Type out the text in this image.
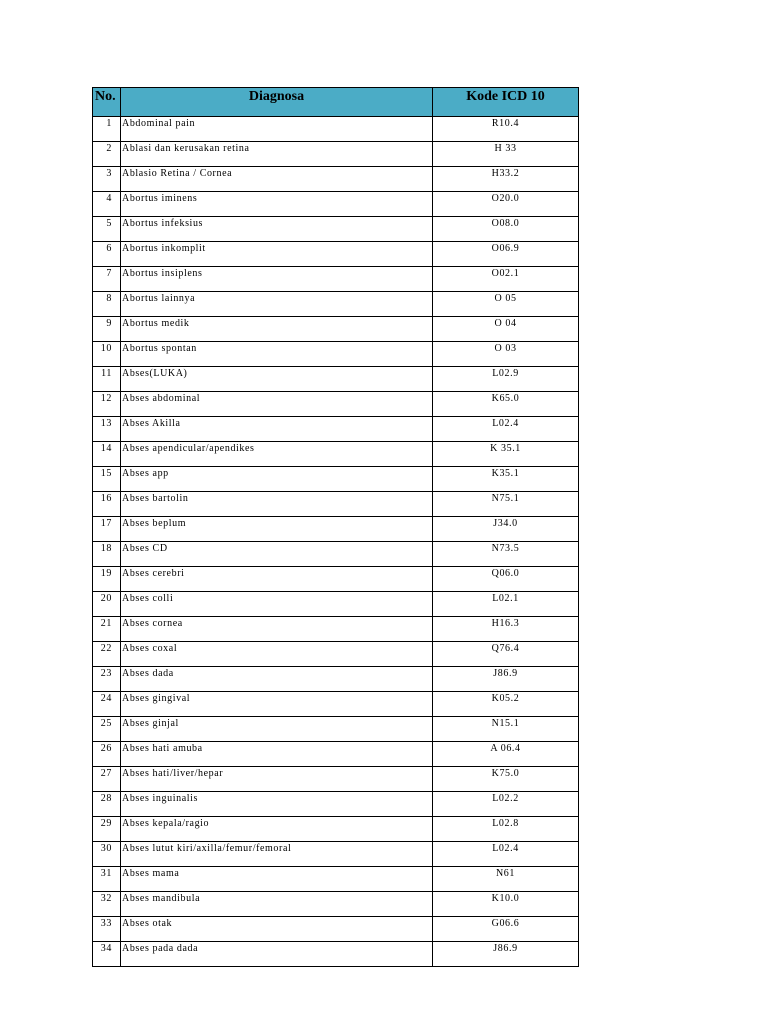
No.	Diagnosa	Kode ICD 10
1	Abdominal pain	R10.4
2	Ablasi dan kerusakan retina	H 33
3	Ablasio Retina / Cornea	H33.2
4	Abortus iminens	O20.0
5	Abortus infeksius	O08.0
6	Abortus inkomplit	O06.9
7	Abortus insiplens	O02.1
8	Abortus lainnya	O 05
9	Abortus medik	O 04
10	Abortus spontan	O 03
11	Abses(LUKA)	L02.9
12	Abses abdominal	K65.0
13	Abses Akilla	L02.4
14	Abses apendicular/apendikes	K 35.1
15	Abses app	K35.1
16	Abses bartolin	N75.1
17	Abses beplum	J34.0
18	Abses CD	N73.5
19	Abses cerebri	Q06.0
20	Abses colli	L02.1
21	Abses cornea	H16.3
22	Abses coxal	Q76.4
23	Abses dada	J86.9
24	Abses gingival	K05.2
25	Abses ginjal	N15.1
26	Abses hati amuba	A 06.4
27	Abses hati/liver/hepar	K75.0
28	Abses inguinalis	L02.2
29	Abses kepala/ragio	L02.8
30	Abses lutut kiri/axilla/femur/femoral	L02.4
31	Abses mama	N61
32	Abses mandibula	K10.0
33	Abses otak	G06.6
34	Abses pada dada	J86.9
